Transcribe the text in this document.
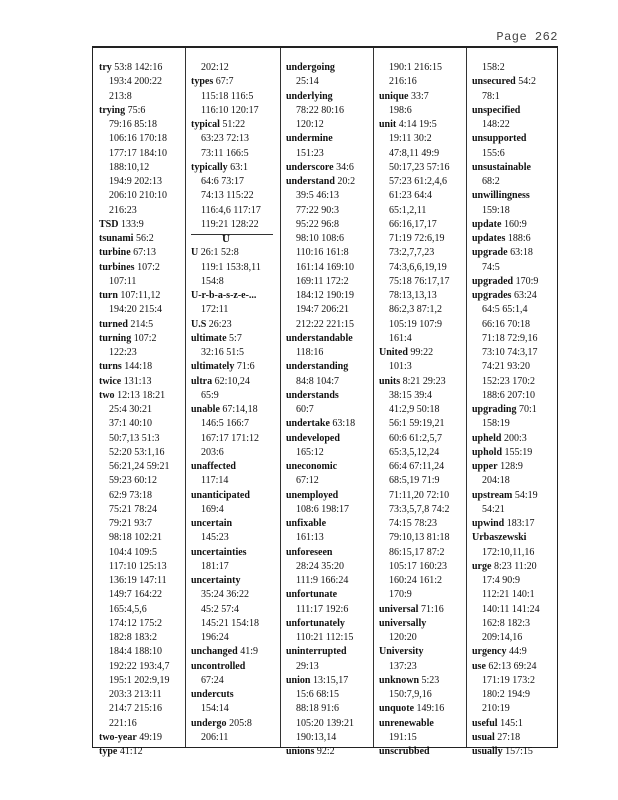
Page 262
try 53:8 142:16
193:4 200:22
213:8
trying 75:6
79:16 85:18
106:16 170:18
177:17 184:10
188:10,12
194:9 202:13
206:10 210:10
216:23
TSD 133:9
tsunami 56:2
turbine 67:13
turbines 107:2
107:11
turn 107:11,12
194:20 215:4
turned 214:5
turning 107:2
122:23
turns 144:18
twice 131:13
two 12:13 18:21
25:4 30:21
37:1 40:10
50:7,13 51:3
52:20 53:1,16
56:21,24 59:21
59:23 60:12
62:9 73:18
75:21 78:24
79:21 93:7
98:18 102:21
104:4 109:5
117:10 125:13
136:19 147:11
149:7 164:22
165:4,5,6
174:12 175:2
182:8 183:2
184:4 188:10
192:22 193:4,7
195:1 202:9,19
203:3 213:11
214:7 215:16
221:16
two-year 49:19
type 41:12
202:12
types 67:7
115:18 116:5
116:10 120:17
typical 51:22
63:23 72:13
73:11 166:5
typically 63:1
64:6 73:17
74:13 115:22
116:4,6 117:17
119:21 128:22
U
U 26:1 52:8
119:1 153:8,11
154:8
U-r-b-a-s-z-e-...
172:11
U.S 26:23
ultimate 5:7
32:16 51:5
ultimately 71:6
ultra 62:10,24
65:9
unable 67:14,18
146:5 166:7
167:17 171:12
203:6
unaffected
117:14
unanticipated
169:4
uncertain
145:23
uncertainties
181:17
uncertainty
35:24 36:22
45:2 57:4
145:21 154:18
196:24
unchanged 41:9
uncontrolled
67:24
undercuts
154:14
undergo 205:8
206:11
undergoing
25:14
underlying
78:22 80:16
120:12
undermine
151:23
underscore 34:6
understand 20:2
39:5 46:13
77:22 90:3
95:22 96:8
98:10 108:6
110:16 161:8
161:14 169:10
169:11 172:2
184:12 190:19
194:7 206:21
212:22 221:15
understandable
118:16
understanding
84:8 104:7
understands
60:7
undertake 63:18
undeveloped
165:12
uneconomic
67:12
unemployed
108:6 198:17
unfixable
161:13
unforeseen
28:24 35:20
111:9 166:24
unfortunate
111:17 192:6
unfortunately
110:21 112:15
uninterrupted
29:13
union 13:15,17
15:6 68:15
88:18 91:6
105:20 139:21
190:13,14
unions 92:2
190:1 216:15
216:16
unique 33:7
198:6
unit 4:14 19:5
19:11 30:2
47:8,11 49:9
50:17,23 57:16
57:23 61:2,4,6
61:23 64:4
65:1,2,11
66:16,17,17
71:19 72:6,19
73:2,7,7,23
74:3,6,6,19,19
75:18 76:17,17
78:13,13,13
86:2,3 87:1,2
105:19 107:9
161:4
United 99:22
101:3
units 8:21 29:23
38:15 39:4
41:2,9 50:18
56:1 59:19,21
60:6 61:2,5,7
65:3,5,12,24
66:4 67:11,24
68:5,19 71:9
71:11,20 72:10
73:3,5,7,8 74:2
74:15 78:23
79:10,13 81:18
86:15,17 87:2
105:17 160:23
160:24 161:2
170:9
universal 71:16
universally
120:20
University
137:23
unknown 5:23
150:7,9,16
unquote 149:16
unrenewable
191:15
unscrubbed
158:2
unsecured 54:2
78:1
unspecified
148:22
unsupported
155:6
unsustainable
68:2
unwillingness
159:18
update 160:9
updates 188:6
upgrade 63:18
74:5
upgraded 170:9
upgrades 63:24
64:5 65:1,4
66:16 70:18
71:18 72:9,16
73:10 74:3,17
74:21 93:20
152:23 170:2
188:6 207:10
upgrading 70:1
158:19
upheld 200:3
uphold 155:19
upper 128:9
204:18
upstream 54:19
54:21
upwind 183:17
Urbaszewski
172:10,11,16
urge 8:23 11:20
17:4 90:9
112:21 140:1
140:11 141:24
162:8 182:3
209:14,16
urgency 44:9
use 62:13 69:24
171:19 173:2
180:2 194:9
210:19
useful 145:1
usual 27:18
usually 157:15
